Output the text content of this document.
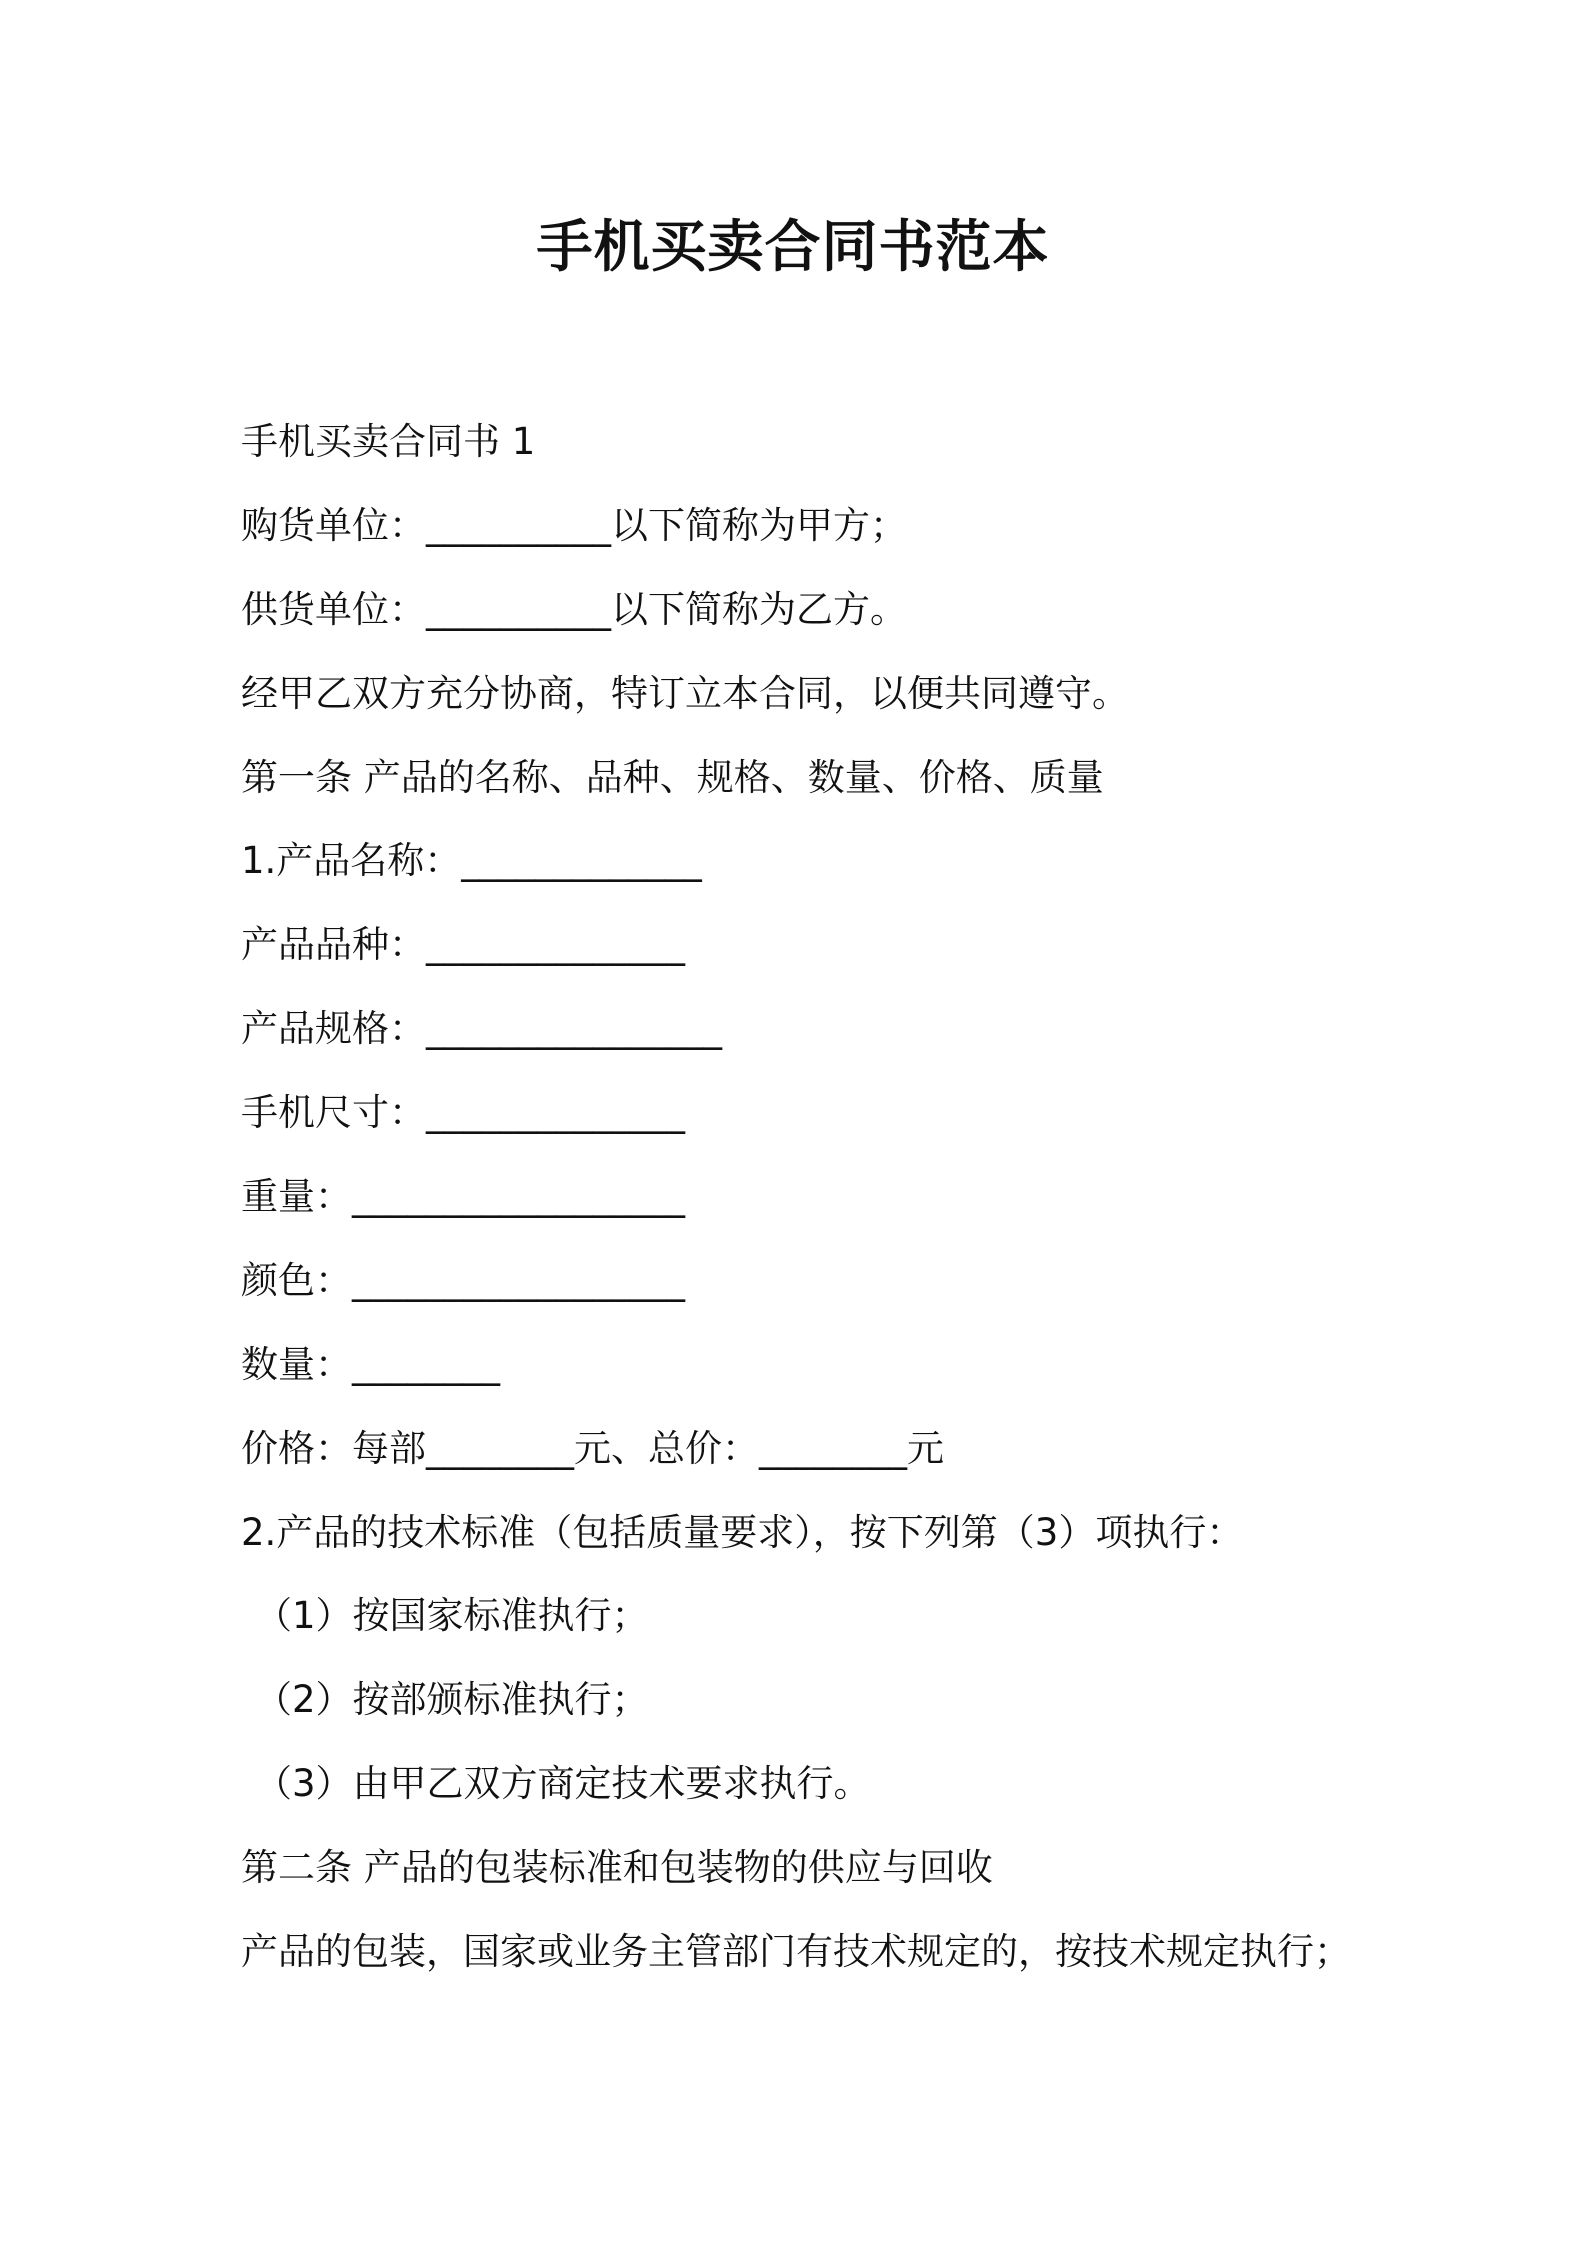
手机买卖合同书范本
手机买卖合同书 1
购货单位：__________以下简称为甲方；
供货单位：__________以下简称为乙方。
经甲乙双方充分协商，特订立本合同，以便共同遵守。
第一条 产品的名称、品种、规格、数量、价格、质量
1.产品名称：_____________
产品品种：______________
产品规格：________________
手机尺寸：______________
重量：__________________
颜色：__________________
数量：________
价格：每部________元、总价：________元
2.产品的技术标准（包括质量要求），按下列第（3）项执行：
（1）按国家标准执行；
（2）按部颁标准执行；
（3）由甲乙双方商定技术要求执行。
第二条 产品的包装标准和包装物的供应与回收
产品的包装，国家或业务主管部门有技术规定的，按技术规定执行；
